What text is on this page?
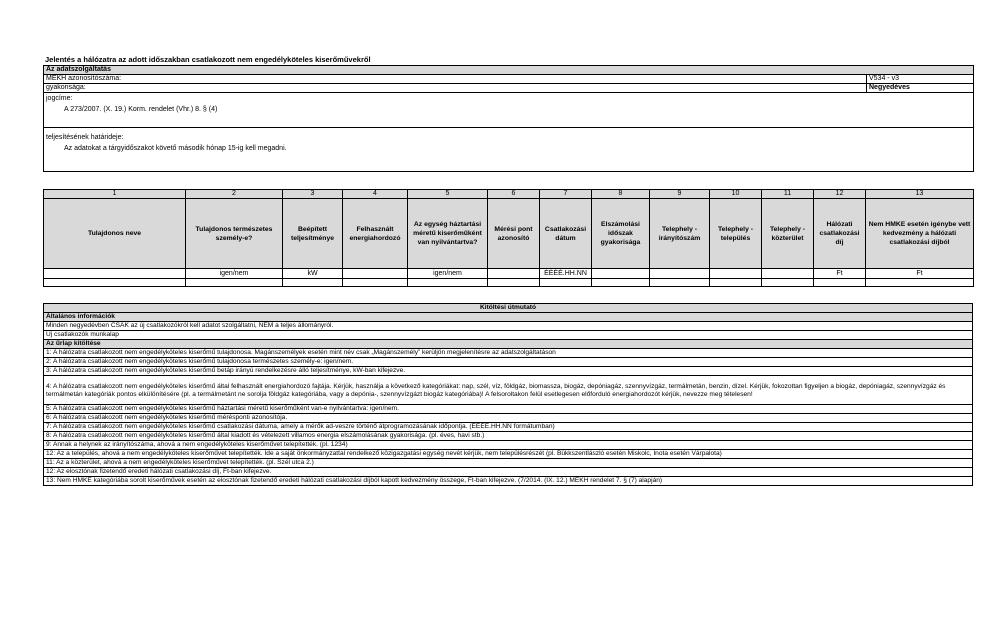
Jelentés a hálózatra az adott időszakban csatlakozott nem engedélyköteles kiserőművekről
Az adatszolgáltatás	
MEKH azonosítószáma:	V534 - v3
gyakorisága:	Negyedéves

jogcíme:
A 273/2007. (X. 19.) Korm. rendelet (Vhr.) 8. § (4)	

teljesítésének határideje:
Az adatokat a tárgyidőszakot követő második hónap 15-ig kell megadni.	
1	2	3	4	5	6	7	8	9	10	11	12	13
Tulajdonos neve	Tulajdonos természetes személy-e?	Beépített teljesítménye	Felhasznált energiahordozó	Az egység háztartási méretű kiserőműként van nyilvántartva?	Mérési pont azonosító	Csatlakozási dátum	Elszámolási időszak gyakorisága	Telephely - irányítószám	Telephely - település	Telephely - közterület	Hálózati csatlakozási díj	Nem HMKE esetén igénybe vett kedvezmény a hálózati csatlakozási díjból
	igen/nem	kW		igen/nem		ÉÉÉÉ.HH.NN					Ft	Ft

Kitöltési útmutató
Általános információk
Minden negyedévben CSAK az új csatlakozókról kell adatot szolgáltatni, NEM a teljes állományról.
Új csatlakozók munkalap
Az űrlap kitöltése
1: A hálózatra csatlakozott nem engedélyköteles kiserőmű tulajdonosa. Magánszemélyek esetén mint név csak „Magánszemély” kerüljön megjelenítésre az adatszolgáltatáson
2: A hálózatra csatlakozott nem engedélyköteles kiserőmű tulajdonosa természetes személy-e: igen/nem.
3: A hálózatra csatlakozott nem engedélyköteles kiserőmű betáp irányú rendelkezésre álló teljesítménye, kW-ban kifejezve.
4: A hálózatra csatlakozott nem engedélyköteles kiserőmű által felhasznált energiahordozó fajtája. Kérjük, használja a következő kategóriákat: nap, szél, víz, földgáz, biomassza, biogáz, depóniagáz, szennyvízgáz, termálmetán, benzin, dízel. Kérjük, fokozottan figyeljen a biogáz, depóniagáz, szennyvízgáz és termálmetán kategóriák pontos elkülönítésére (pl. a termálmetánt ne sorolja földgáz kategóriába, vagy a depónia-, szennyvízgázt biogáz kategóriába)! A felsoroltakon felül esetlegesen előforduló energiahordozót kérjük, nevezze meg tételesen!
5: A hálózatra csatlakozott nem engedélyköteles kiserőmű háztartási méretű kiserőműként van-e nyilvántartva: igen/nem.
6: A hálózatra csatlakozott nem engedélyköteles kiserőmű mérésponti azonosítója.
7: A hálózatra csatlakozott nem engedélyköteles kiserőmű csatlakozási dátuma, amely a mérők ad-veszre történő átprogramozásának időpontja. (ÉÉÉÉ.HH.NN formátumban)
8: A hálózatra csatlakozott nem engedélyköteles kiserőmű által kiadott és vételezett villamos energia elszámolásának gyakorisága. (pl. éves, havi stb.)
9: Annak a helynek az irányítószáma, ahová a nem engedélyköteles kiserőművet telepítették. (pl. 1234)
12: Az a település, ahová a nem engedélyköteles kiserőművet telepítették. Ide a saját önkormányzattal rendelkező közigazgatási egység nevét kérjük, nem településrészét (pl. Bükkszentlászló esetén Miskolc, Inota esetén Várpalota)
11: Az a közterület, ahová a nem engedélyköteles kiserőművet telepítették. (pl. Szél utca 2.)
12: Az elosztónak fizetendő eredeti hálózati csatlakozási díj, Ft-ban kifejezve.
13: Nem HMKE kategóriába sorolt kiserőművek esetén az elosztónak fizetendő eredeti hálózati csatlakozási díjból kapott kedvezmény összege, Ft-ban kifejezve. (7/2014. (IX. 12.) MEKH rendelet 7. § (7) alapján)
